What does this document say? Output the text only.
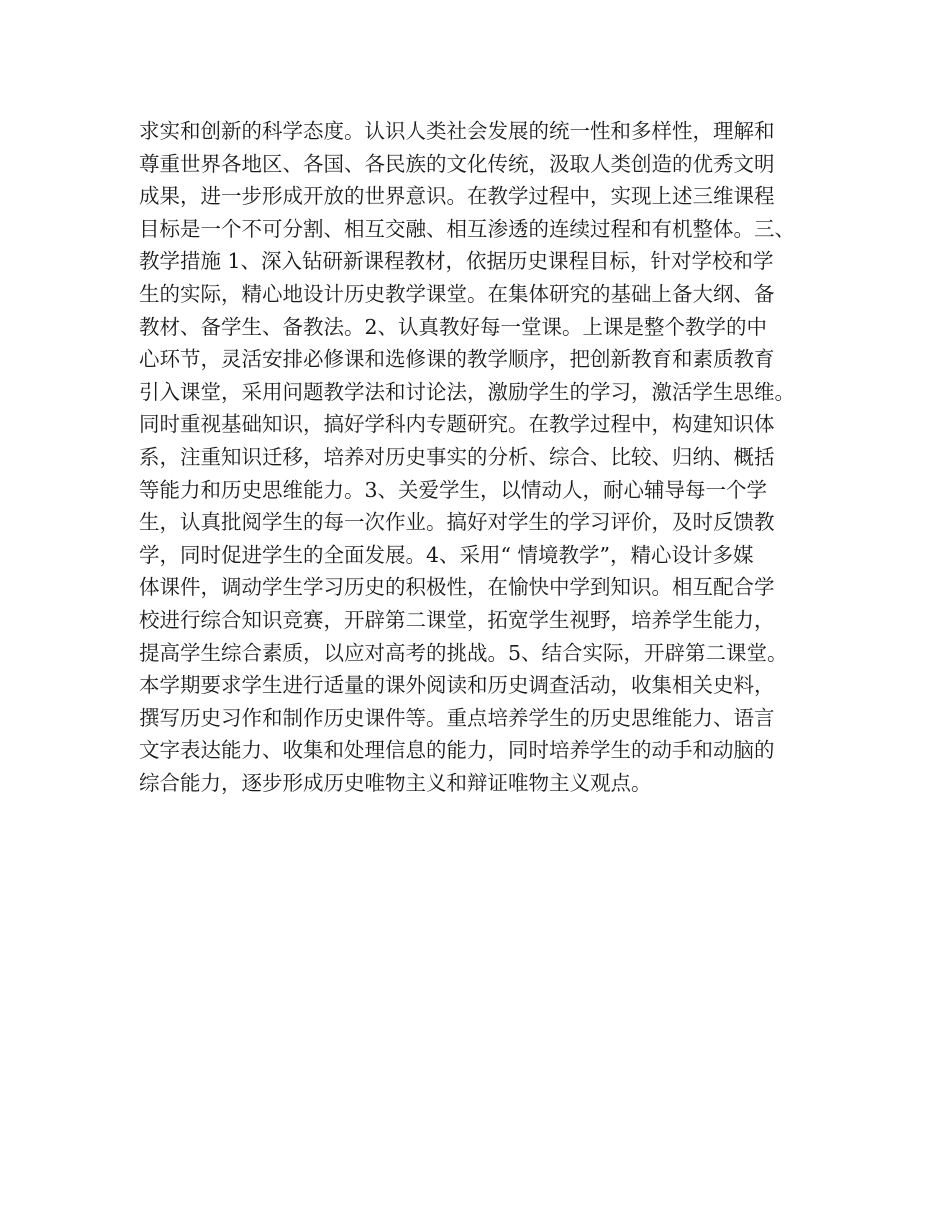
求实和创新的科学态度。认识人类社会发展的统一性和多样性，理解和
尊重世界各地区、各国、各民族的文化传统，汲取人类创造的优秀文明
成果，进一步形成开放的世界意识。在教学过程中，实现上述三维课程
目标是一个不可分割、相互交融、相互渗透的连续过程和有机整体。三、
教学措施 1、深入钻研新课程教材，依据历史课程目标，针对学校和学
生的实际，精心地设计历史教学课堂。在集体研究的基础上备大纲、备
教材、备学生、备教法。2、认真教好每一堂课。上课是整个教学的中
心环节，灵活安排必修课和选修课的教学顺序，把创新教育和素质教育
引入课堂，采用问题教学法和讨论法，激励学生的学习，激活学生思维。
同时重视基础知识，搞好学科内专题研究。在教学过程中，构建知识体
系，注重知识迁移，培养对历史事实的分析、综合、比较、归纳、概括
等能力和历史思维能力。3、关爱学生，以情动人，耐心辅导每一个学
生，认真批阅学生的每一次作业。搞好对学生的学习评价，及时反馈教
学，同时促进学生的全面发展。4、采用“ 情境教学”，精心设计多媒
体课件，调动学生学习历史的积极性，在愉快中学到知识。相互配合学
校进行综合知识竞赛，开辟第二课堂，拓宽学生视野，培养学生能力，
提高学生综合素质，以应对高考的挑战。5、结合实际，开辟第二课堂。
本学期要求学生进行适量的课外阅读和历史调查活动，收集相关史料，
撰写历史习作和制作历史课件等。重点培养学生的历史思维能力、语言
文字表达能力、收集和处理信息的能力，同时培养学生的动手和动脑的
综合能力，逐步形成历史唯物主义和辩证唯物主义观点。
